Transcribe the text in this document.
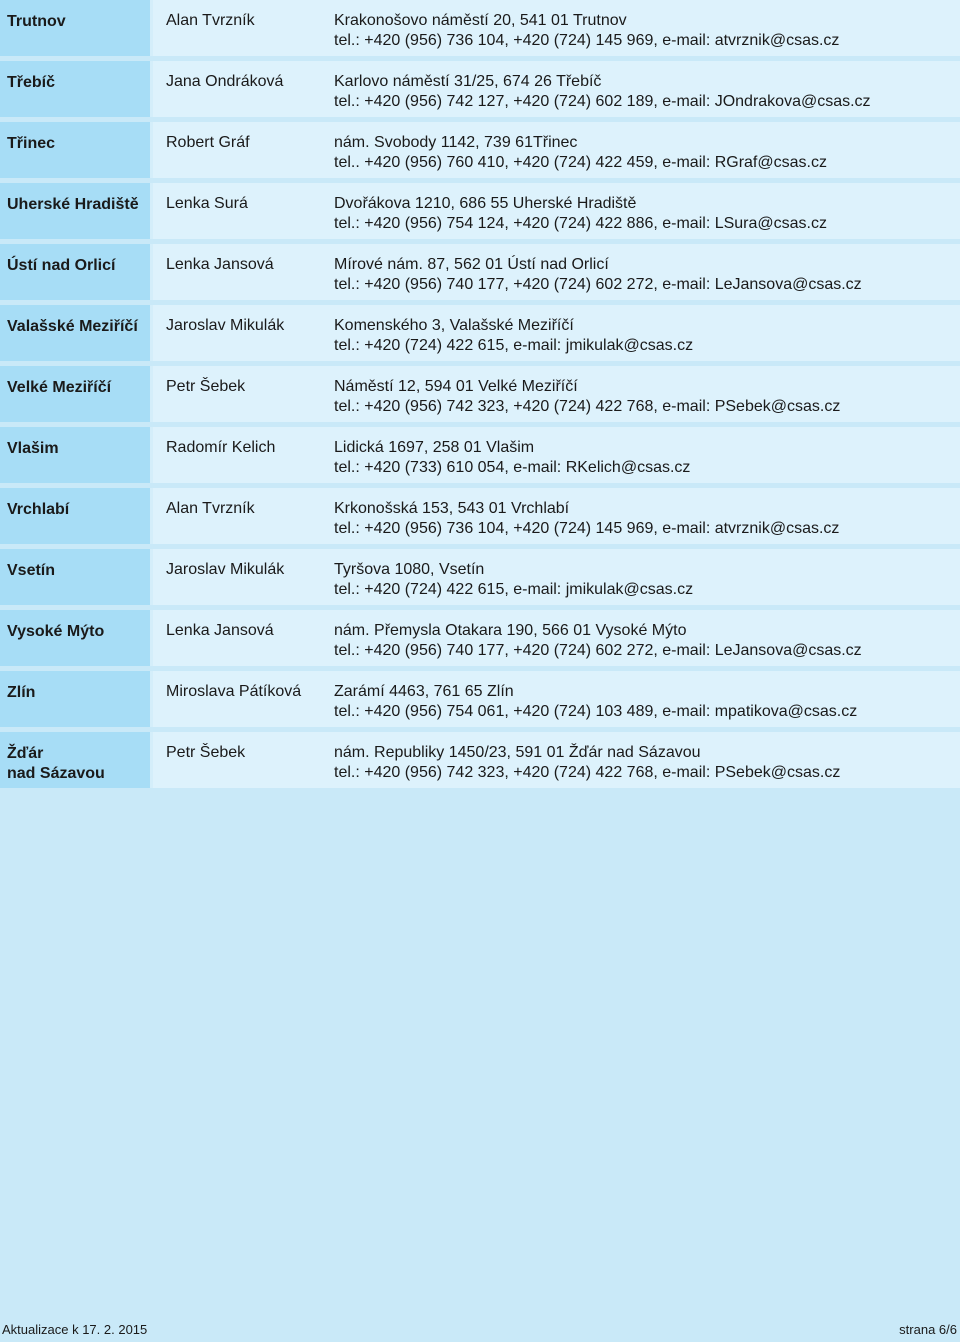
Trutnov	Alan Tvrzník	Krakonošovo náměstí 20, 541 01 Trutnov
tel.: +420 (956) 736 104, +420 (724) 145 969, e-mail: atvrznik@csas.cz
Třebíč	Jana Ondráková	Karlovo náměstí 31/25, 674 26 Třebíč
tel.: +420 (956) 742 127, +420 (724) 602 189, e-mail: JOndrakova@csas.cz
Třinec	Robert Gráf	nám. Svobody 1142, 739 61Třinec
tel.. +420 (956) 760 410, +420 (724) 422 459, e-mail: RGraf@csas.cz
Uherské Hradiště	Lenka Surá	Dvořákova 1210, 686 55 Uherské Hradiště
tel.: +420 (956) 754 124, +420 (724) 422 886, e-mail: LSura@csas.cz
Ústí nad Orlicí	Lenka Jansová	Mírové nám. 87, 562 01 Ústí nad Orlicí
tel.: +420 (956) 740 177, +420 (724) 602 272, e-mail: LeJansova@csas.cz
Valašské Meziříčí	Jaroslav Mikulák	Komenského 3, Valašské Meziříčí
tel.: +420 (724) 422 615, e-mail: jmikulak@csas.cz
Velké Meziříčí	Petr Šebek	Náměstí 12, 594 01 Velké Meziříčí
tel.: +420 (956) 742 323, +420 (724) 422 768, e-mail: PSebek@csas.cz
Vlašim	Radomír Kelich	Lidická 1697, 258 01 Vlašim
tel.: +420 (733) 610 054, e-mail: RKelich@csas.cz
Vrchlabí	Alan Tvrzník	Krkonošská 153, 543 01 Vrchlabí
tel.: +420 (956) 736 104, +420 (724) 145 969, e-mail: atvrznik@csas.cz
Vsetín	Jaroslav Mikulák	Tyršova 1080, Vsetín
tel.: +420 (724) 422 615, e-mail: jmikulak@csas.cz
Vysoké Mýto	Lenka Jansová	nám. Přemysla Otakara 190, 566 01 Vysoké Mýto
tel.: +420 (956) 740 177, +420 (724) 602 272, e-mail: LeJansova@csas.cz
Zlín	Miroslava Pátíková	Zarámí 4463, 761 65 Zlín
tel.: +420 (956) 754 061, +420 (724) 103 489, e-mail: mpatikova@csas.cz
Žďár
nad Sázavou
Petr Šebek	nám. Republiky 1450/23, 591 01 Žďár nad Sázavou
tel.: +420 (956) 742 323, +420 (724) 422 768, e-mail: PSebek@csas.cz
Aktualizace k 17. 2. 2015	strana 6/6
